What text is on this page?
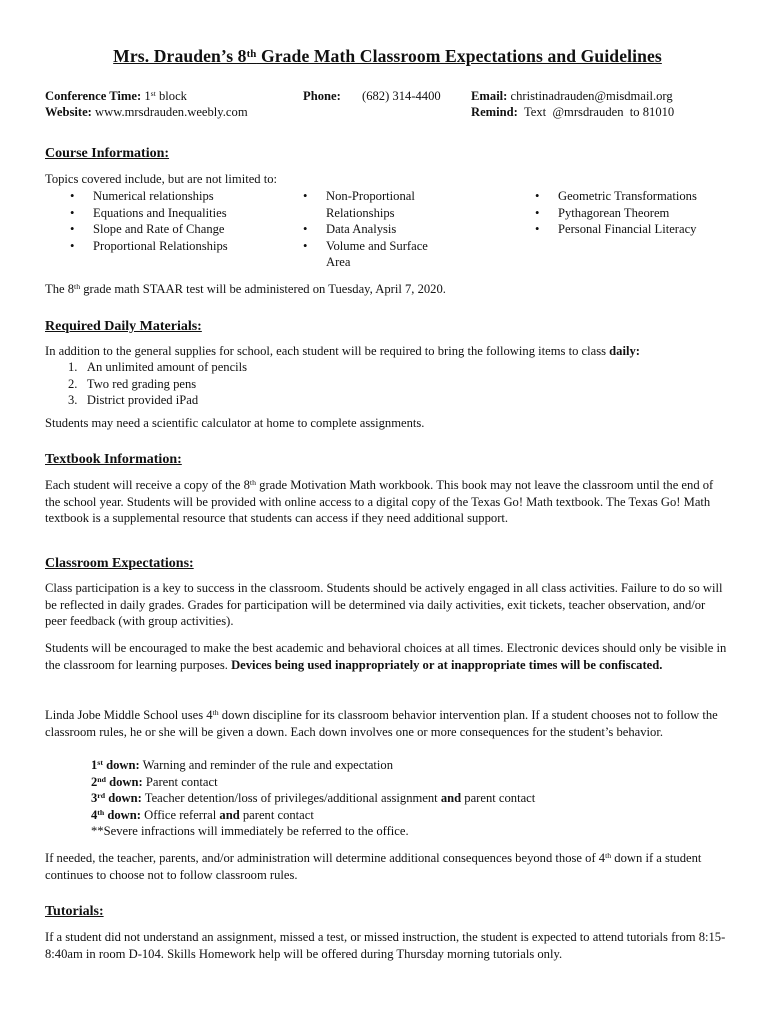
Mrs. Drauden’s 8th Grade Math Classroom Expectations and Guidelines
Conference Time: 1st block
Website: www.mrsdrauden.weebly.com
Phone: (682) 314-4400 Email: christinadrauden@misdmail.org
Remind:  Text  @mrsdrauden  to 81010
Course Information:
Topics covered include, but are not limited to:
• Numerical relationships
• Equations and Inequalities
• Slope and Rate of Change
• Proportional Relationships
• Non-Proportional Relationships
• Data Analysis
• Volume and Surface Area
• Geometric Transformations
• Pythagorean Theorem
• Personal Financial Literacy
The 8th grade math STAAR test will be administered on Tuesday, April 7, 2020.
Required Daily Materials:
In addition to the general supplies for school, each student will be required to bring the following items to class daily:
1.   An unlimited amount of pencils
2.   Two red grading pens
3.   District provided iPad
Students may need a scientific calculator at home to complete assignments.
Textbook Information:

Each student will receive a copy of the 8th grade Motivation Math workbook. This book may not leave the classroom until the end of the school year. Students will be provided with online access to a digital copy of the Texas Go! Math textbook. The Texas Go! Math textbook is a supplemental resource that students can access if they need additional support.

Classroom Expectations:

Class participation is a key to success in the classroom. Students should be actively engaged in all class activities. Failure to do so will be reflected in daily grades. Grades for participation will be determined via daily activities, exit tickets, teacher observation, and/or peer feedback (with group activities).

Students will be encouraged to make the best academic and behavioral choices at all times. Electronic devices should only be visible in the classroom for learning purposes. Devices being used inappropriately or at inappropriate times will be confiscated.

Linda Jobe Middle School uses 4th down discipline for its classroom behavior intervention plan. If a student chooses not to follow the classroom rules, he or she will be given a down. Each down involves one or more consequences for the student’s behavior.

1st down: Warning and reminder of the rule and expectation
2nd down: Parent contact
3rd down: Teacher detention/loss of privileges/additional assignment and parent contact
4th down: Office referral and parent contact
**Severe infractions will immediately be referred to the office.

If needed, the teacher, parents, and/or administration will determine additional consequences beyond those of 4th down if a student continues to choose not to follow classroom rules.

Tutorials:

If a student did not understand an assignment, missed a test, or missed instruction, the student is expected to attend tutorials from 8:15-8:40am in room D-104. Skills Homework help will be offered during Thursday morning tutorials only.
